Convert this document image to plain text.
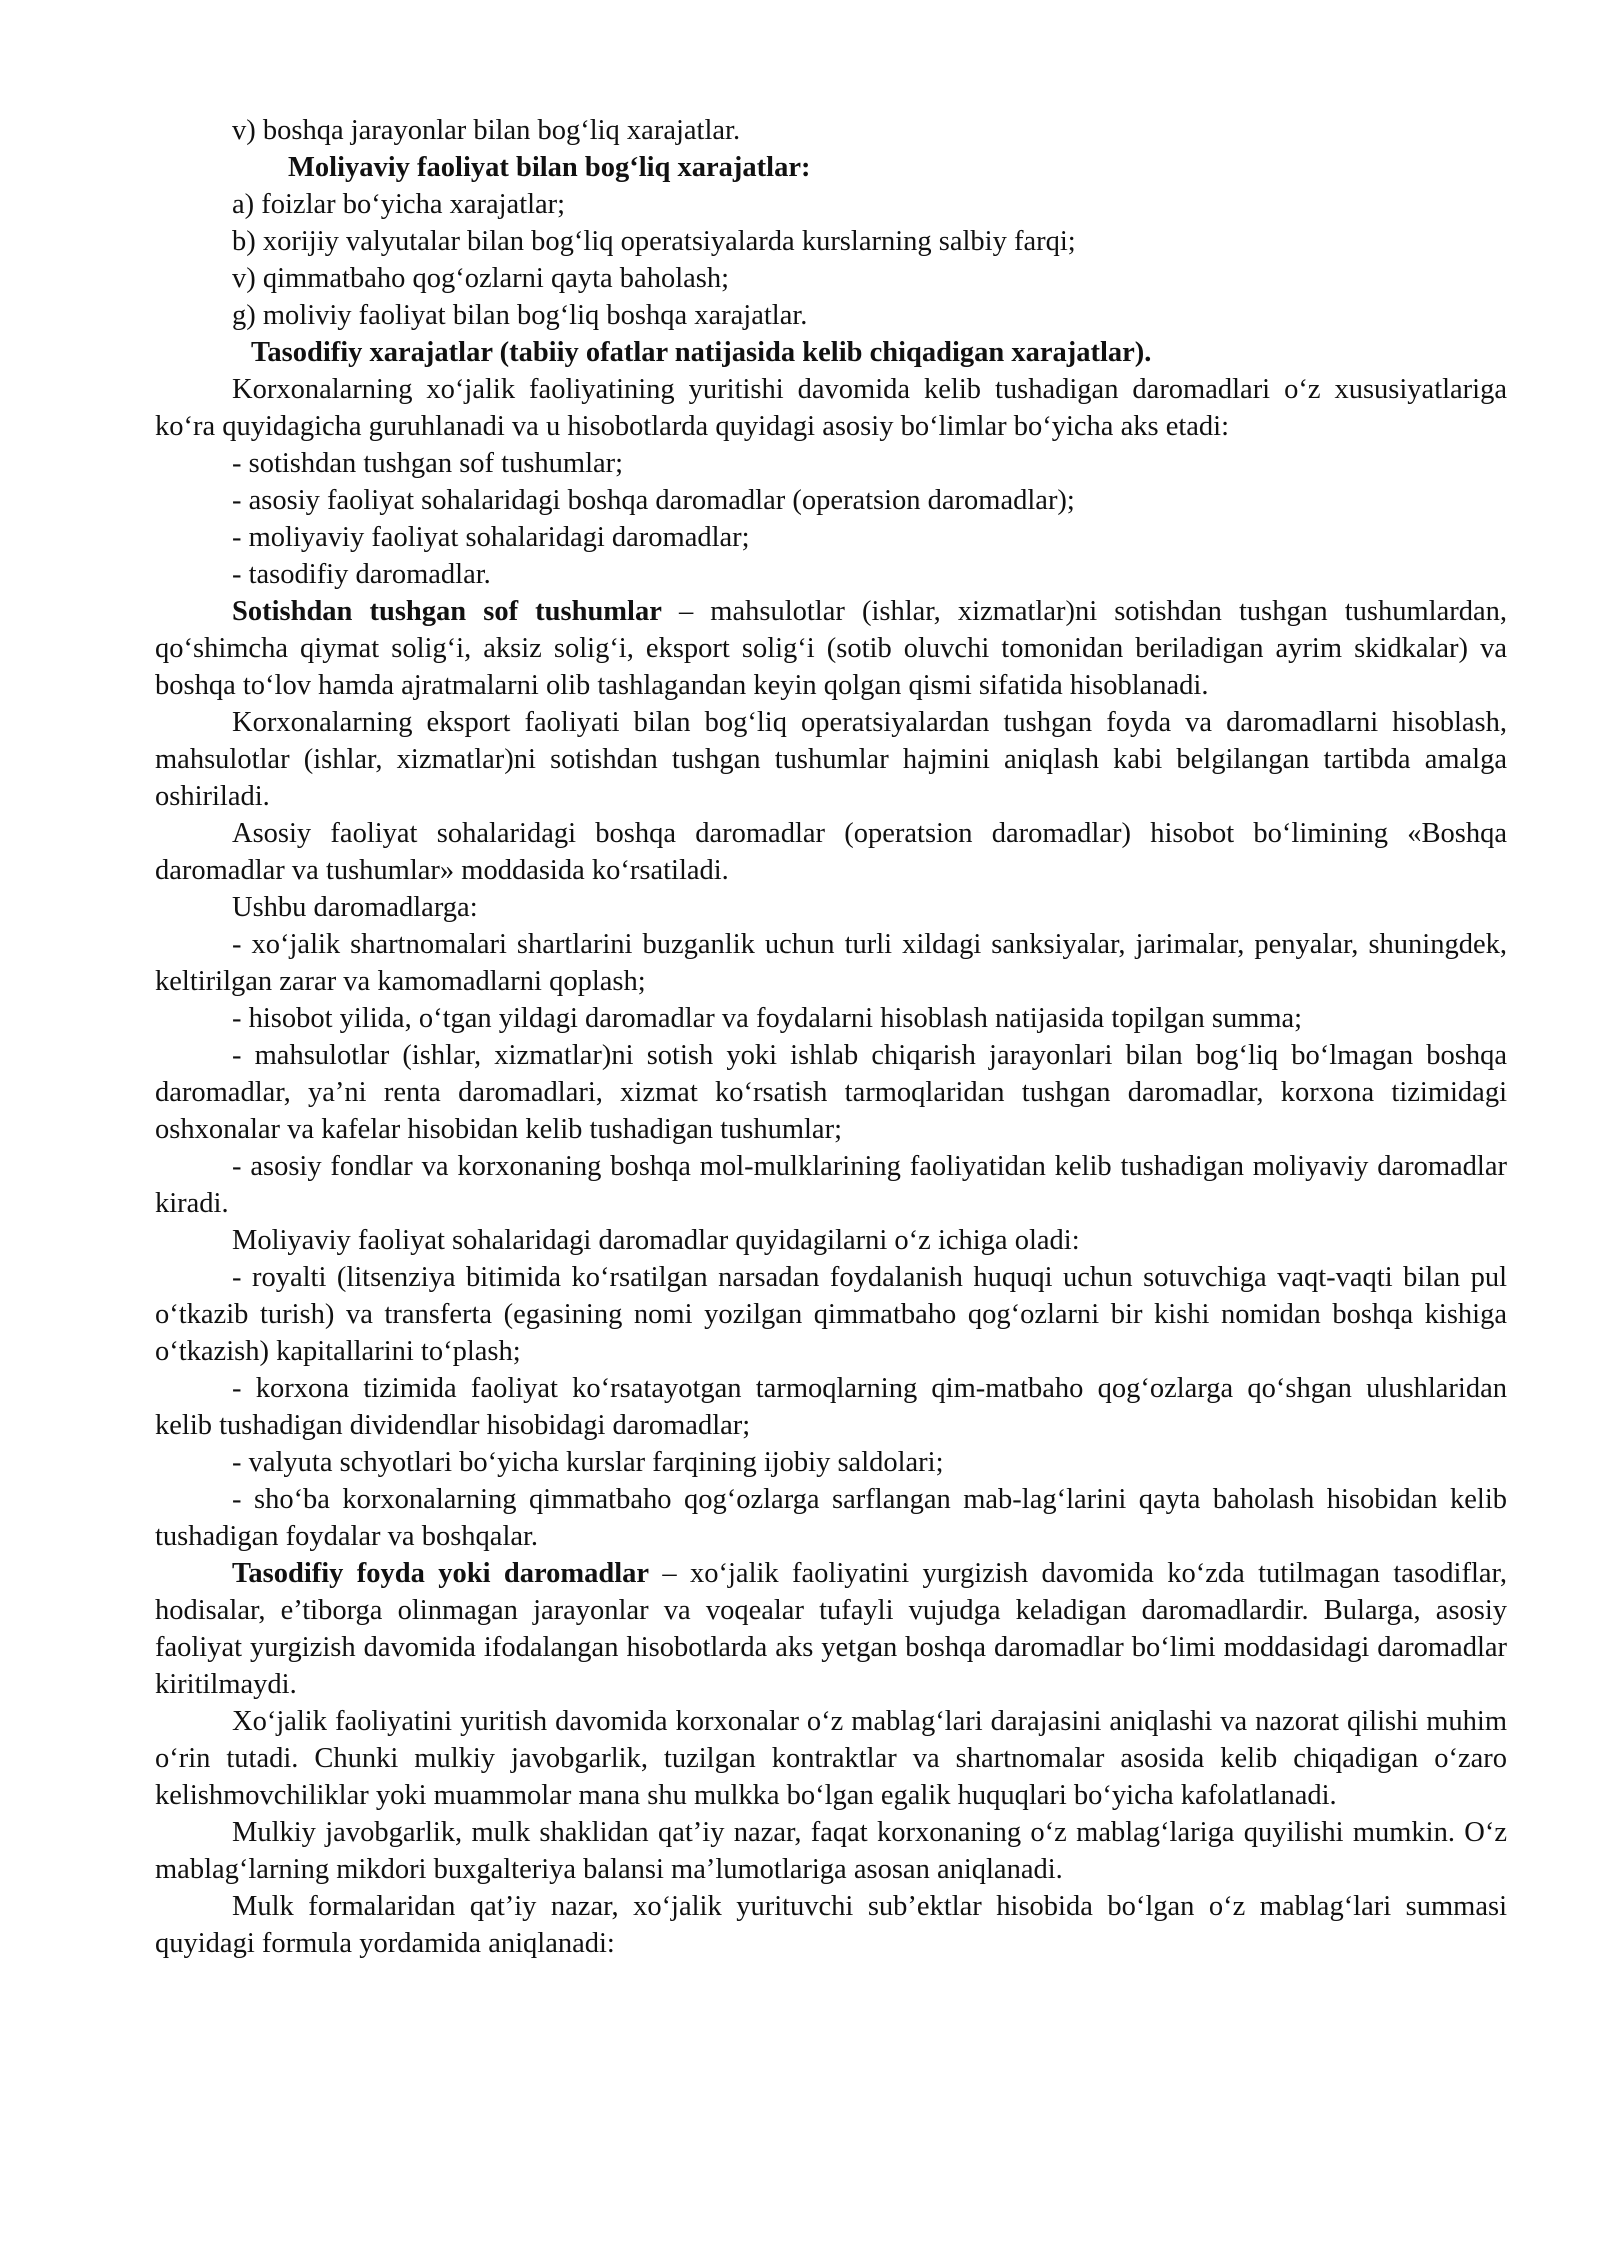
v) boshqa jarayonlar bilan bog‘liq xarajatlar.

Moliyaviy faoliyat bilan bog‘liq xarajatlar:

a) foizlar bo‘yicha xarajatlar;

b) xorijiy valyutalar bilan bog‘liq operatsiyalarda kurslarning salbiy farqi;

v) qimmatbaho qog‘ozlarni qayta baholash;

g) moliviy faoliyat bilan bog‘liq boshqa xarajatlar.

Tasodifiy xarajatlar (tabiiy ofatlar natijasida kelib chiqadigan xarajatlar).

Korxonalarning xo‘jalik faoliyatining yuritishi davomida kelib tushadigan daromadlari o‘z xususiyatlariga ko‘ra quyidagicha guruhlanadi va u hisobotlarda quyidagi asosiy bo‘limlar bo‘yicha aks etadi:

- sotishdan tushgan sof tushumlar;

- asosiy faoliyat sohalaridagi boshqa daromadlar (operatsion daromadlar);

- moliyaviy faoliyat sohalaridagi daromadlar;

- tasodifiy daromadlar.

Sotishdan tushgan sof tushumlar – mahsulotlar (ishlar, xizmatlar)ni sotishdan tushgan tushumlardan, qo‘shimcha qiymat solig‘i, aksiz solig‘i, eksport solig‘i (sotib oluvchi tomonidan beriladigan ayrim skidkalar) va boshqa to‘lov hamda ajratmalarni olib tashlagandan keyin qolgan qismi sifatida hisoblanadi.

Korxonalarning eksport faoliyati bilan bog‘liq operatsiyalardan tushgan foyda va daromadlarni hisoblash, mahsulotlar (ishlar, xizmatlar)ni sotishdan tushgan tushumlar hajmini aniqlash kabi belgilangan tartibda amalga oshiriladi.

Asosiy faoliyat sohalaridagi boshqa daromadlar (operatsion daromadlar) hisobot bo‘limining «Boshqa daromadlar va tushumlar» moddasida ko‘rsatiladi.

Ushbu daromadlarga:

- xo‘jalik shartnomalari shartlarini buzganlik uchun turli xildagi sanksiyalar, jarimalar, penyalar, shuningdek, keltirilgan zarar va kamomadlarni qoplash;

- hisobot yilida, o‘tgan yildagi daromadlar va foydalarni hisoblash natijasida topilgan summa;

- mahsulotlar (ishlar, xizmatlar)ni sotish yoki ishlab chiqarish jarayonlari bilan bog‘liq bo‘lmagan boshqa daromadlar, ya’ni renta daromadlari, xizmat ko‘rsatish tarmoqlaridan tushgan daromadlar, korxona tizimidagi oshxonalar va kafelar hisobidan kelib tushadigan tushumlar;

- asosiy fondlar va korxonaning boshqa mol-mulklarining faoliyatidan kelib tushadigan moliyaviy daromadlar kiradi.

Moliyaviy faoliyat sohalaridagi daromadlar quyidagilarni o‘z ichiga oladi:

- royalti (litsenziya bitimida ko‘rsatilgan narsadan foydalanish huquqi uchun sotuvchiga vaqt-vaqti bilan pul o‘tkazib turish) va transferta (egasining nomi yozilgan qimmatbaho qog‘ozlarni bir kishi nomidan boshqa kishiga o‘tkazish) kapitallarini to‘plash;

- korxona tizimida faoliyat ko‘rsatayotgan tarmoqlarning qim-matbaho qog‘ozlarga qo‘shgan ulushlaridan kelib tushadigan dividendlar hisobidagi daromadlar;

- valyuta schyotlari bo‘yicha kurslar farqining ijobiy saldolari;

- sho‘ba korxonalarning qimmatbaho qog‘ozlarga sarflangan mab-lag‘larini qayta baholash hisobidan kelib tushadigan foydalar va boshqalar.

Tasodifiy foyda yoki daromadlar – xo‘jalik faoliyatini yurgizish davomida ko‘zda tutilmagan tasodiflar, hodisalar, e’tiborga olinmagan jarayonlar va voqealar tufayli vujudga keladigan daromadlardir. Bularga, asosiy faoliyat yurgizish davomida ifodalangan hisobotlarda aks yetgan boshqa daromadlar bo‘limi moddasidagi daromadlar kiritilmaydi.

Xo‘jalik faoliyatini yuritish davomida korxonalar o‘z mablag‘lari darajasini aniqlashi va nazorat qilishi muhim o‘rin tutadi. Chunki mulkiy javobgarlik, tuzilgan kontraktlar va shartnomalar asosida kelib chiqadigan o‘zaro kelishmovchiliklar yoki muammolar mana shu mulkka bo‘lgan egalik huquqlari bo‘yicha kafolatlanadi.

Mulkiy javobgarlik, mulk shaklidan qat’iy nazar, faqat korxonaning o‘z mablag‘lariga quyilishi mumkin. O‘z mablag‘larning mikdori buxgalteriya balansi ma’lumotlariga asosan aniqlanadi.

Mulk formalaridan qat’iy nazar, xo‘jalik yurituvchi sub’ektlar hisobida bo‘lgan o‘z mablag‘lari summasi quyidagi formula yordamida aniqlanadi:
